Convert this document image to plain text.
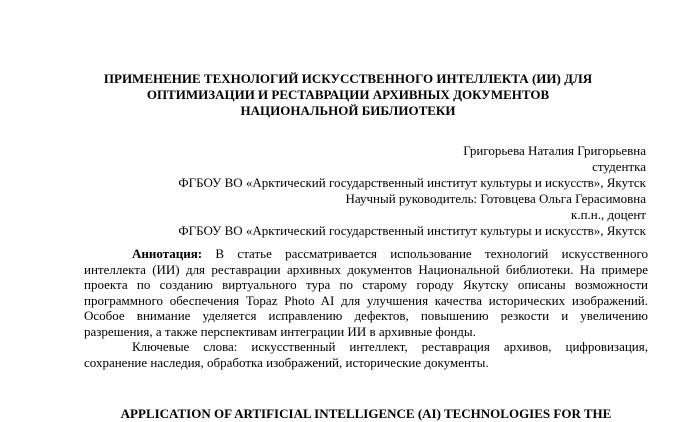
ПРИМЕНЕНИЕ ТЕХНОЛОГИЙ ИСКУССТВЕННОГО ИНТЕЛЛЕКТА (ИИ) ДЛЯ
ОПТИМИЗАЦИИ И РЕСТАВРАЦИИ АРХИВНЫХ ДОКУМЕНТОВ
НАЦИОНАЛЬНОЙ БИБЛИОТЕКИ
Григорьева Наталия Григорьевна
студентка
ФГБОУ ВО «Арктический государственный институт культуры и искусств», Якутск
Научный руководитель: Готовцева Ольга Герасимовна
к.п.н., доцент
ФГБОУ ВО «Арктический государственный институт культуры и искусств», Якутск

Аннотация: В статье рассматривается использование технологий искусственного интеллекта (ИИ) для реставрации архивных документов Национальной библиотеки. На примере проекта по созданию виртуального тура по старому городу Якутску описаны возможности программного обеспечения Topaz Photo AI для улучшения качества исторических изображений. Особое внимание уделяется исправлению дефектов, повышению резкости и увеличению разрешения, а также перспективам интеграции ИИ в архивные фонды.

Ключевые слова: искусственный интеллект, реставрация архивов, цифровизация, сохранение наследия, обработка изображений, исторические документы.

APPLICATION OF ARTIFICIAL INTELLIGENCE (AI) TECHNOLOGIES FOR THE
